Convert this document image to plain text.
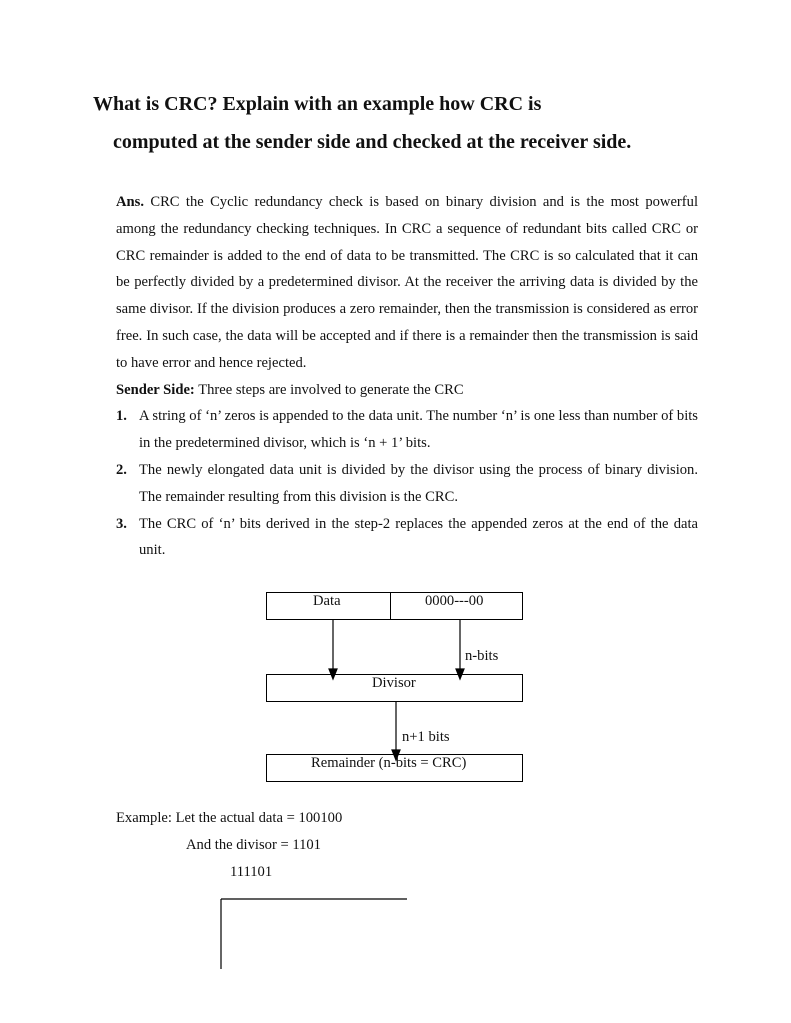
What is CRC? Explain with an example how CRC is
computed at the sender side and checked at the receiver side.

Ans. CRC the Cyclic redundancy check is based on binary division and is the most powerful among the redundancy checking techniques. In CRC a sequence of redundant bits called CRC or CRC remainder is added to the end of data to be transmitted. The CRC is so calculated that it can be perfectly divided by a predetermined divisor. At the receiver the arriving data is divided by the same divisor. If the division produces a zero remainder, then the transmission is considered as error free. In such case, the data will be accepted and if there is a remainder then the transmission is said to have error and hence rejected.

Sender Side: Three steps are involved to generate the CRC

1. A string of ‘n’ zeros is appended to the data unit. The number ‘n’ is one less than number of bits in the predetermined divisor, which is ‘n + 1’ bits.
2. The newly elongated data unit is divided by the divisor using the process of binary division. The remainder resulting from this division is the CRC.
3. The CRC of ‘n’ bits derived in the step-2 replaces the appended zeros at the end of the data unit.
Data	0000---00
n-bits
Divisor
n+1 bits
Remainder (n-bits = CRC)
Example: Let the actual data = 100100
And the divisor = 1101
111101
